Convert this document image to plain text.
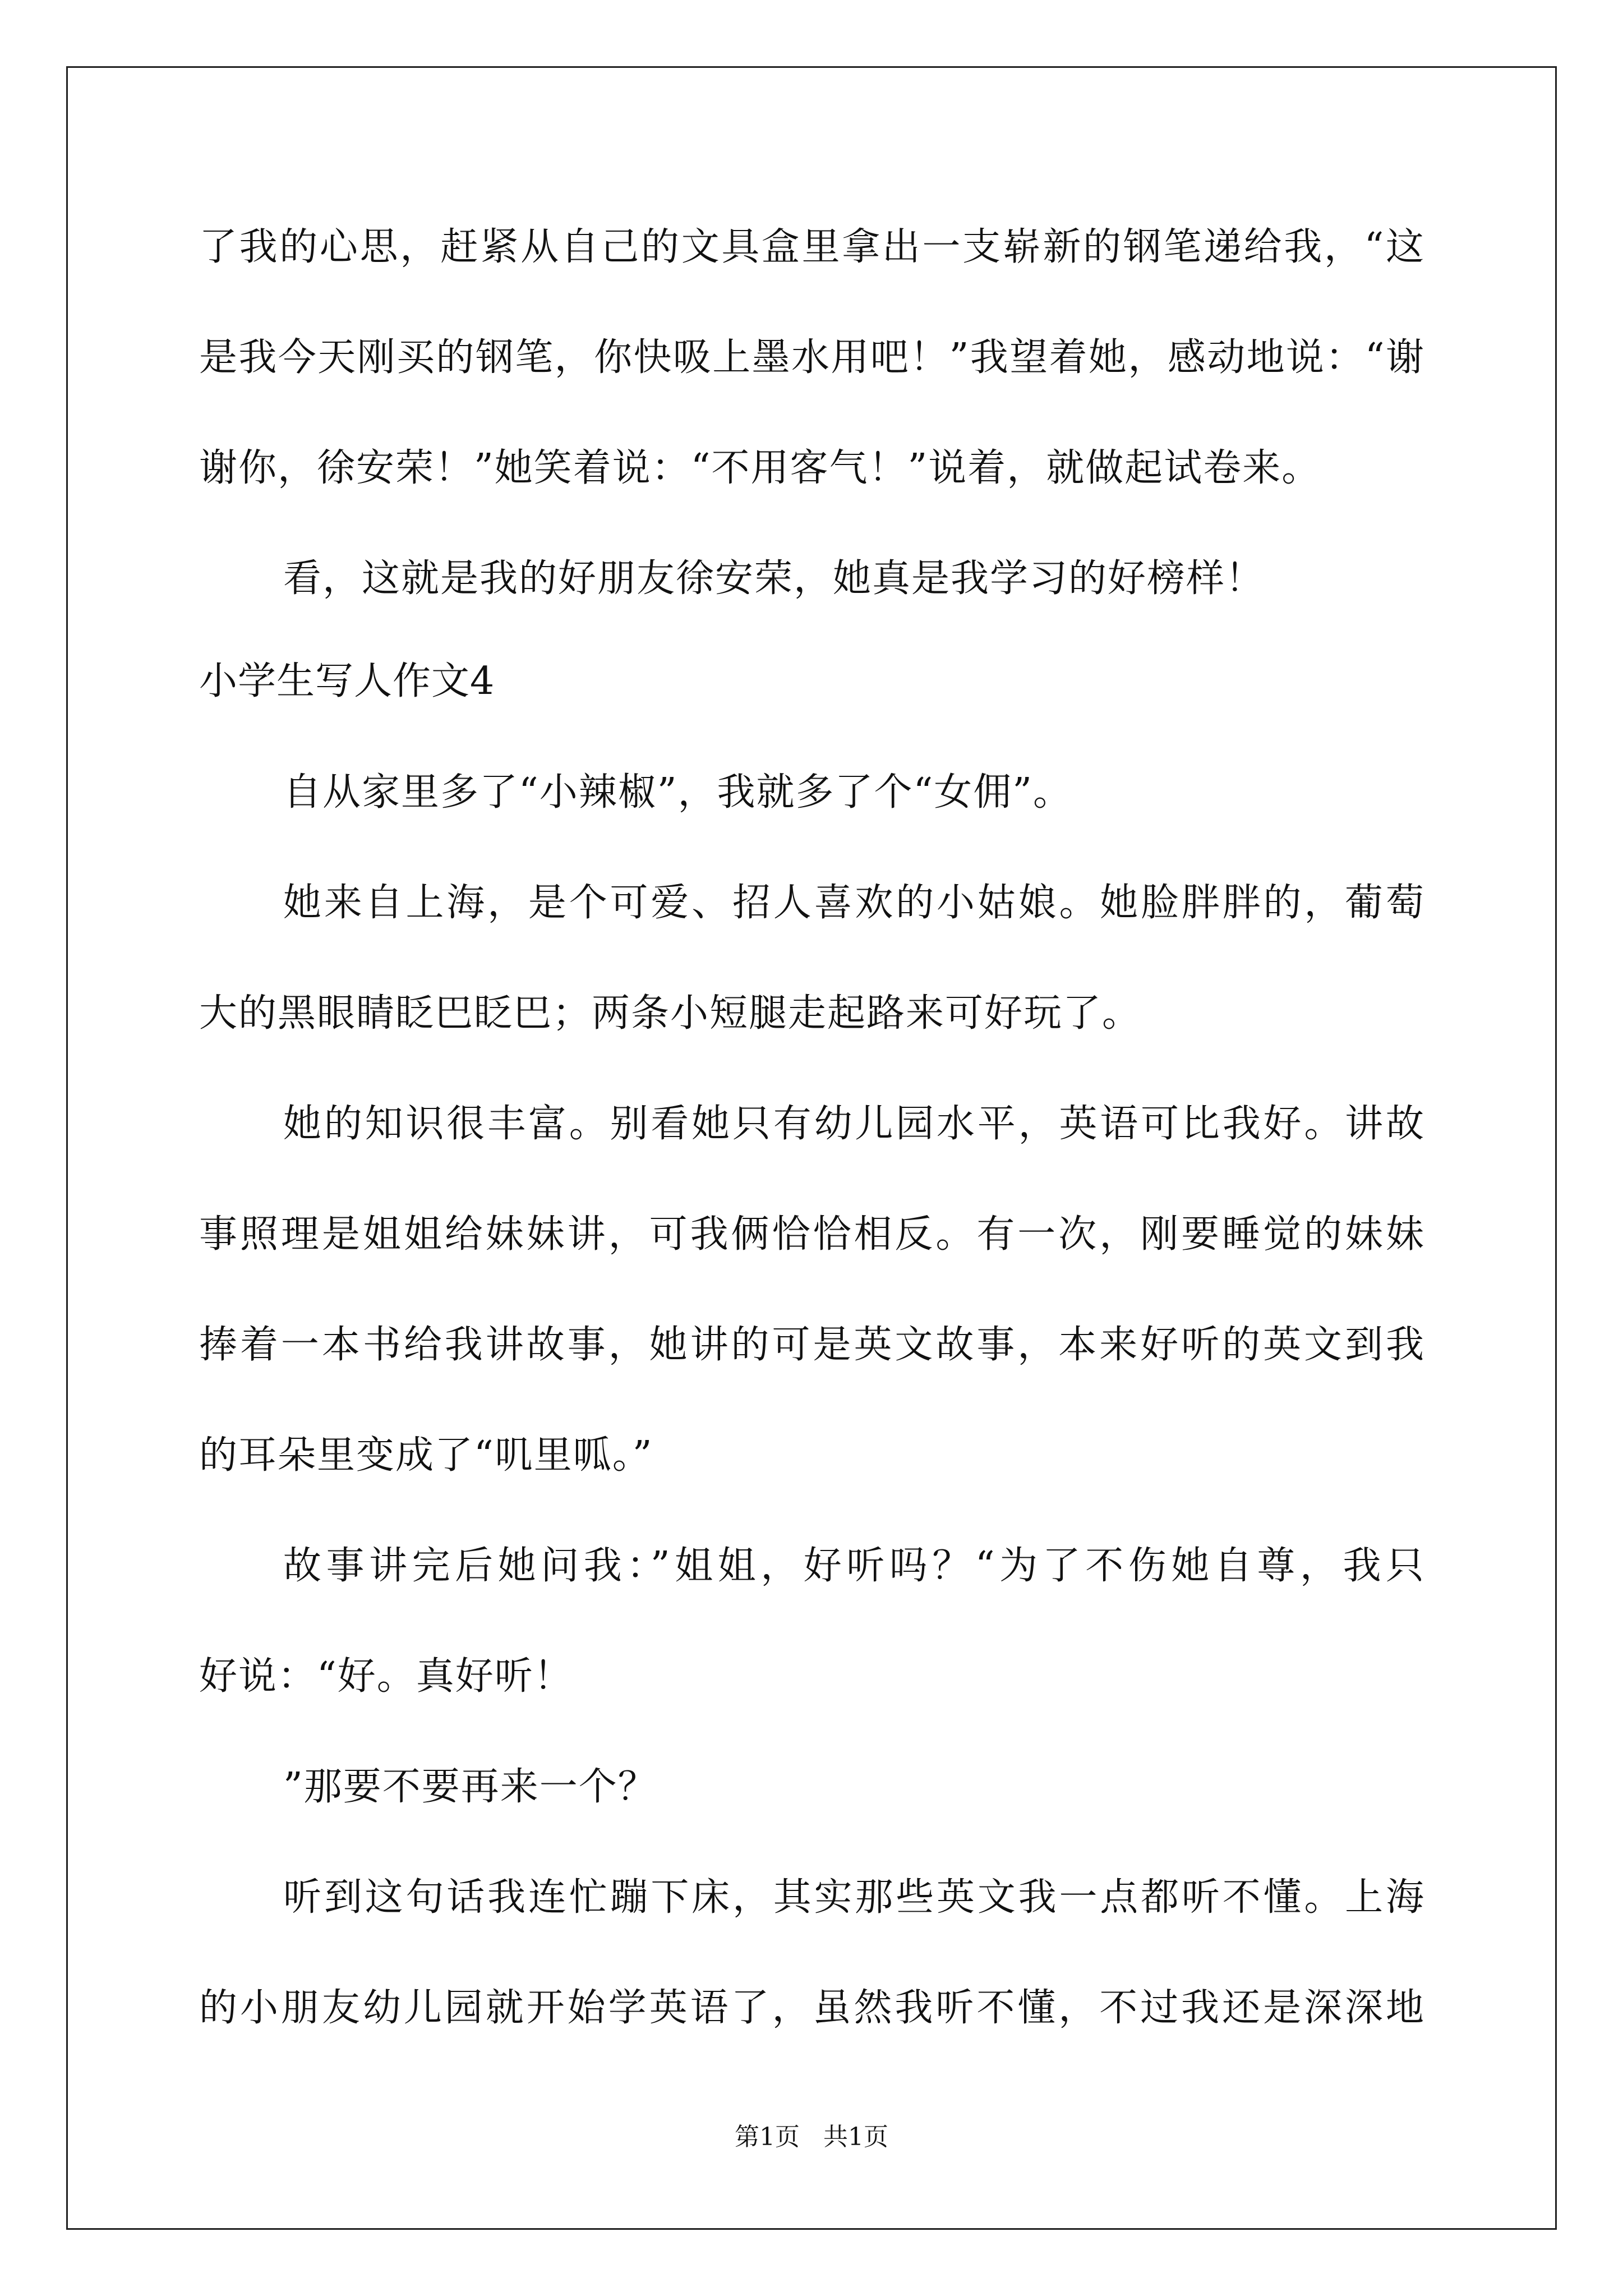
了我的心思，赶紧从自己的文具盒里拿出一支崭新的钢笔递给我，“这
是我今天刚买的钢笔，你快吸上墨水用吧！”我望着她，感动地说：“谢
谢你，徐安荣！”她笑着说：“不用客气！”说着，就做起试卷来。
看，这就是我的好朋友徐安荣，她真是我学习的好榜样！
小学生写人作文4
自从家里多了“小辣椒”，我就多了个“女佣”。
她来自上海，是个可爱、招人喜欢的小姑娘。她脸胖胖的，葡萄
大的黑眼睛眨巴眨巴；两条小短腿走起路来可好玩了。
她的知识很丰富。别看她只有幼儿园水平，英语可比我好。讲故
事照理是姐姐给妹妹讲，可我俩恰恰相反。有一次，刚要睡觉的妹妹
捧着一本书给我讲故事，她讲的可是英文故事，本来好听的英文到我
的耳朵里变成了“叽里呱。”
故事讲完后她问我：”姐姐，好听吗？“为了不伤她自尊，我只
好说：“好。真好听！
”那要不要再来一个？
听到这句话我连忙蹦下床，其实那些英文我一点都听不懂。上海
的小朋友幼儿园就开始学英语了，虽然我听不懂，不过我还是深深地
第1页   共1页
